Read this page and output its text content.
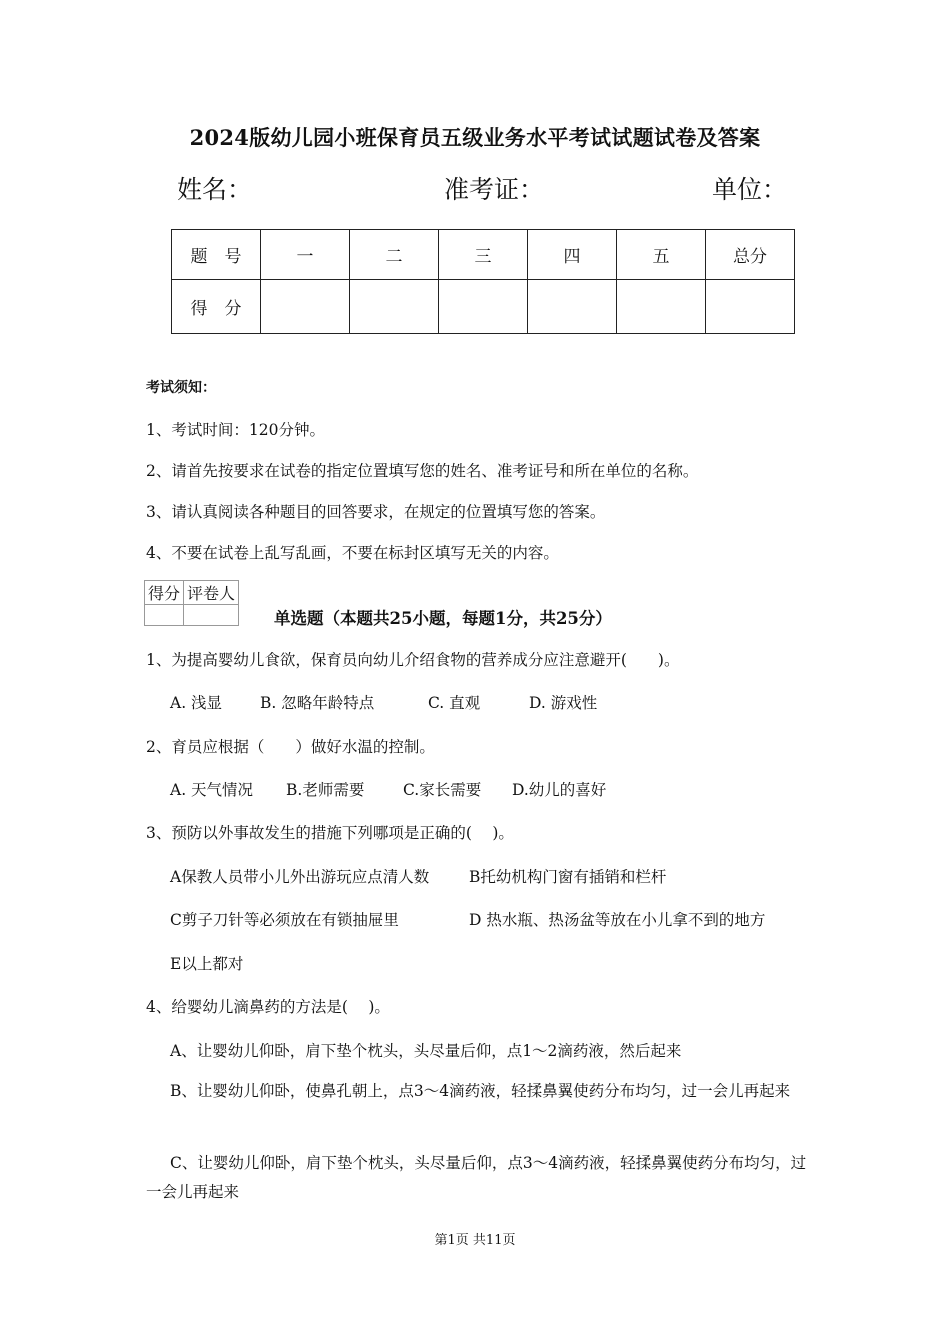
2024版幼儿园小班保育员五级业务水平考试试题试卷及答案
姓名：	准考证：	单位：
题　号	一	二	三	四	五	总分
得　分						
考试须知：
1、考试时间：120分钟。
2、请首先按要求在试卷的指定位置填写您的姓名、准考证号和所在单位的名称。
3、请认真阅读各种题目的回答要求，在规定的位置填写您的答案。
4、不要在试卷上乱写乱画，不要在标封区填写无关的内容。
得分	评卷人

单选题（本题共25小题，每题1分，共25分）
1、为提高婴幼儿食欲，保育员向幼儿介绍食物的营养成分应注意避开(　　)。
A. 浅显 B. 忽略年龄特点	C. 直观	D. 游戏性
2、育员应根据（　　）做好水温的控制。
A. 天气情况 B.老师需要 C.家长需要 D.幼儿的喜好
3、预防以外事故发生的措施下列哪项是正确的(　 )。
A保教人员带小儿外出游玩应点清人数	B托幼机构门窗有插销和栏杆
C剪子刀针等必须放在有锁抽屉里	D 热水瓶、热汤盆等放在小儿拿不到的地方
E以上都对
4、给婴幼儿滴鼻药的方法是(　 )。
A、让婴幼儿仰卧，肩下垫个枕头，头尽量后仰，点1～2滴药液，然后起来
B、让婴幼儿仰卧，使鼻孔朝上，点3～4滴药液，轻揉鼻翼使药分布均匀，过一会儿再起来
C、让婴幼儿仰卧，肩下垫个枕头，头尽量后仰，点3～4滴药液，轻揉鼻翼使药分布均匀，过一会儿再起来
第1页 共11页
